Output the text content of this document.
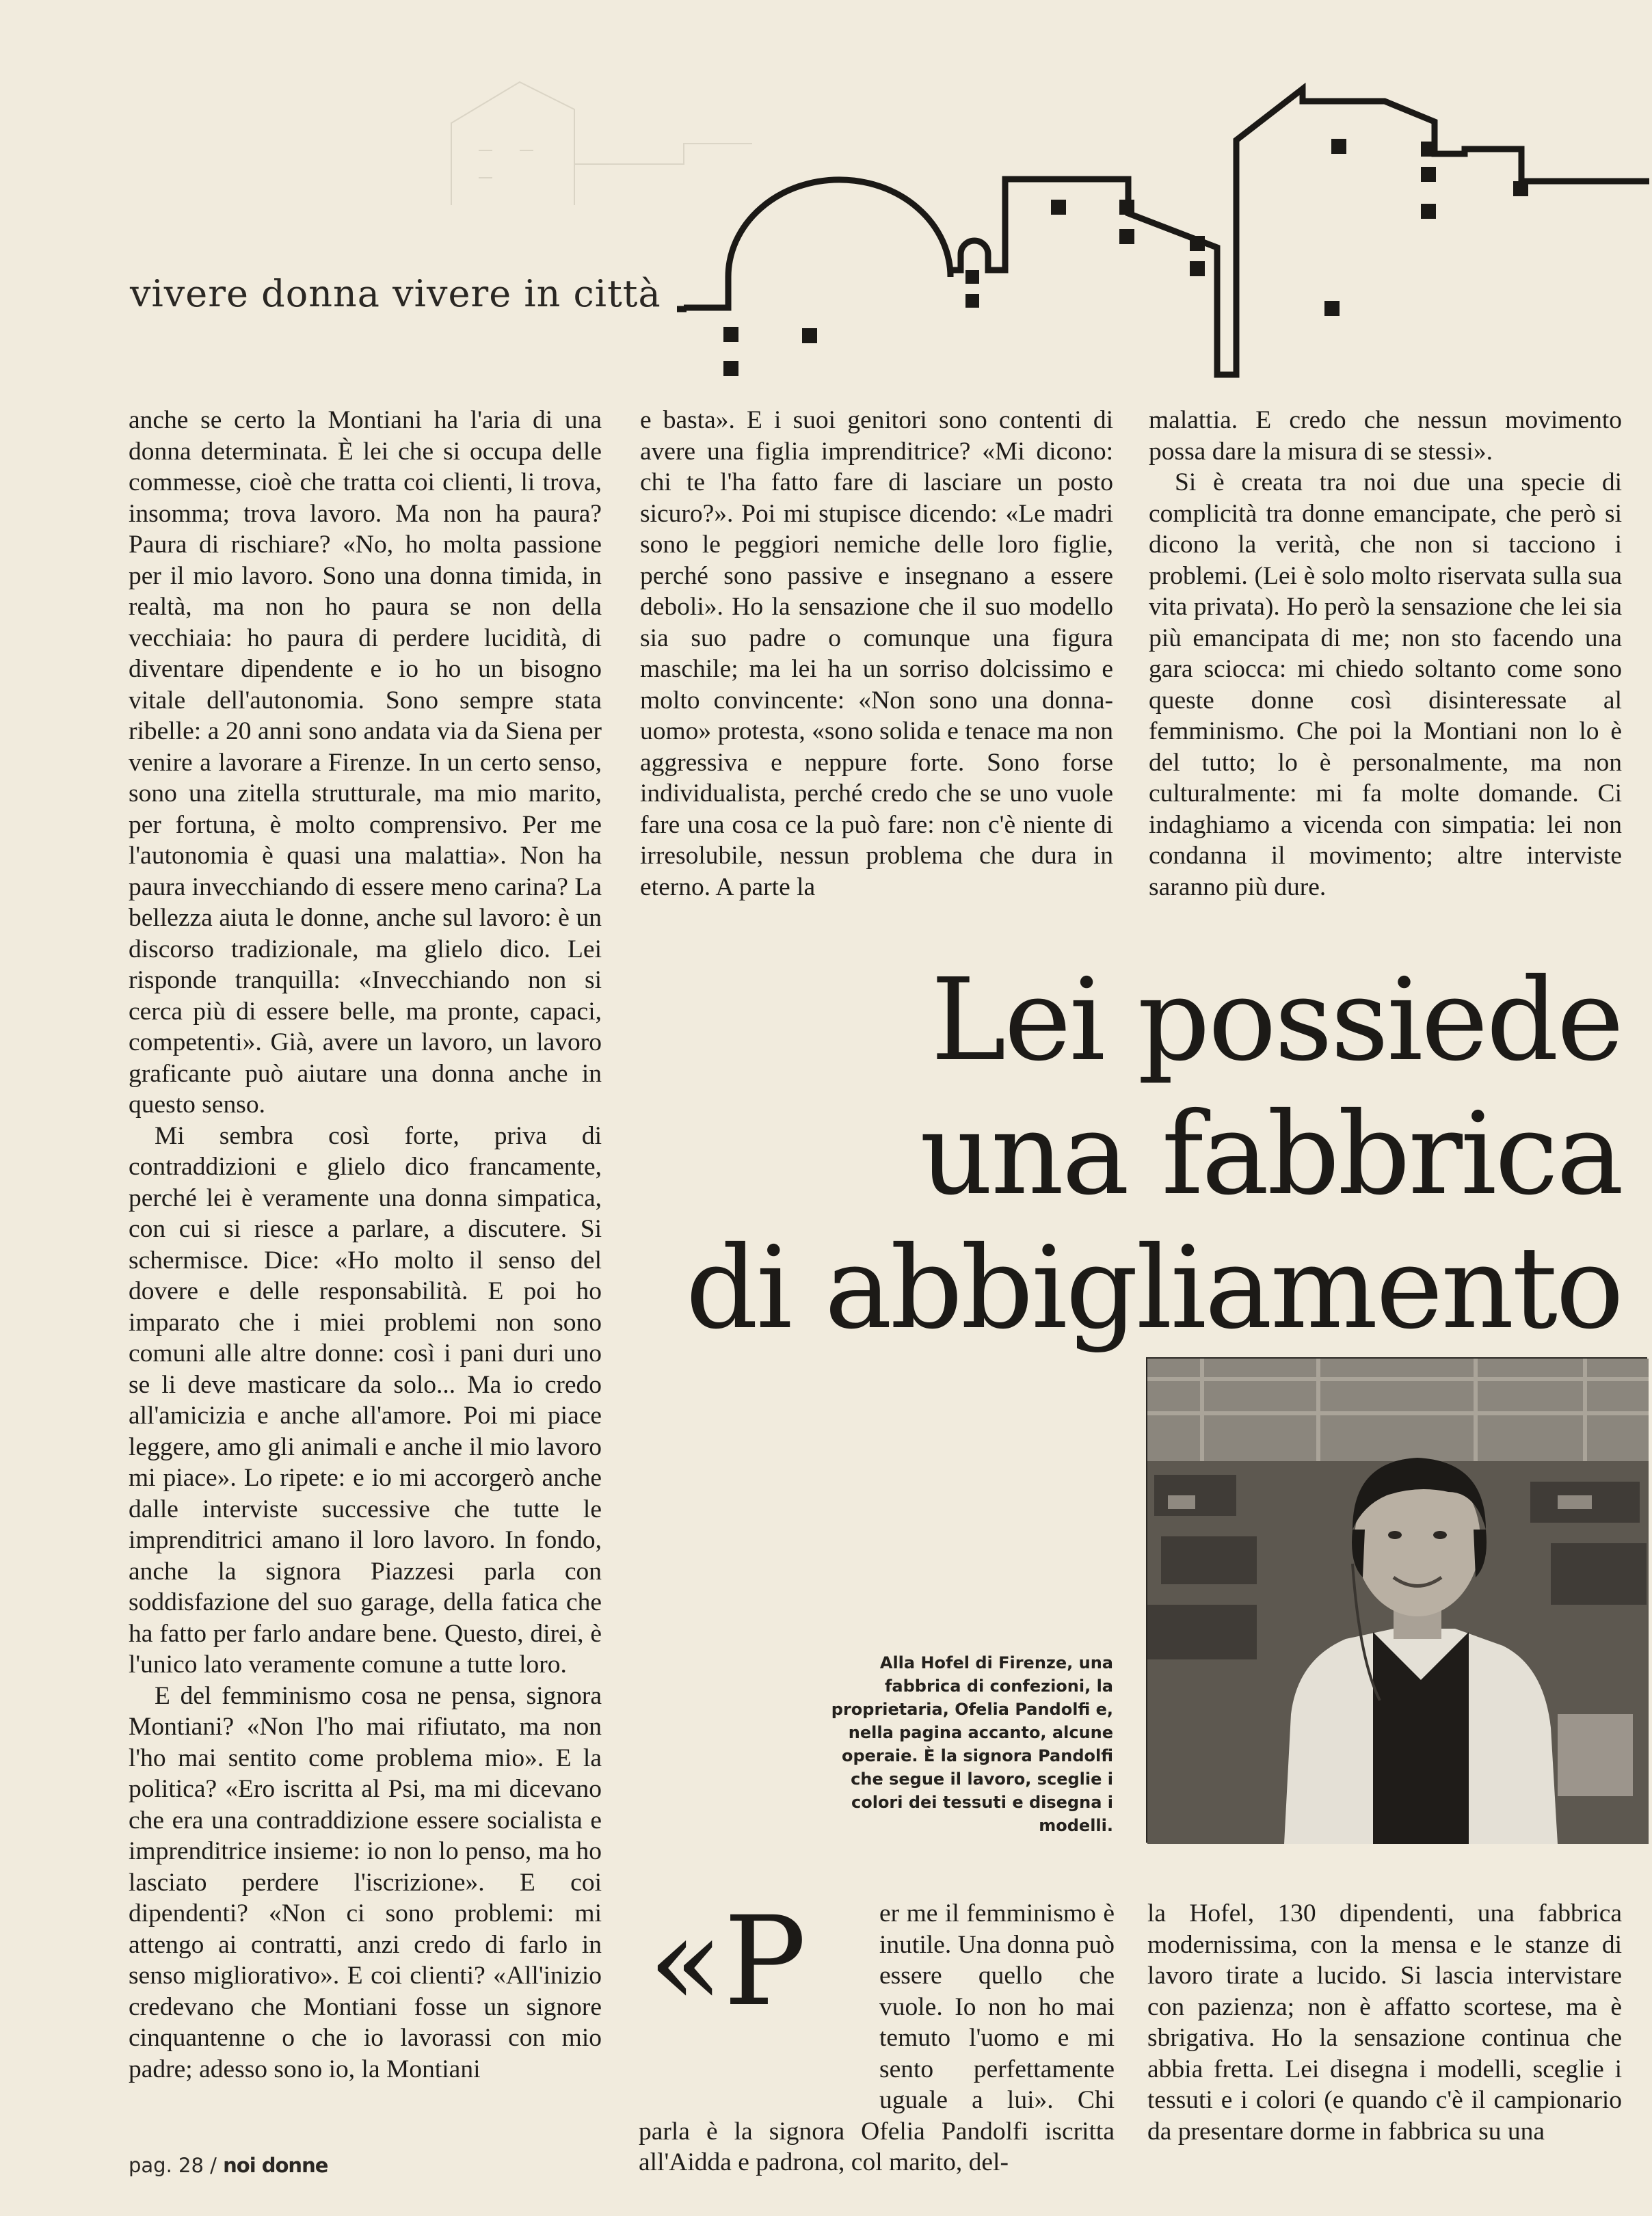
vivere donna vivere in città

anche se certo la Montiani ha l'aria di una donna determinata. È lei che si occupa delle commesse, cioè che tratta coi clienti, li trova, insomma; trova lavoro. Ma non ha paura? Paura di rischiare? «No, ho molta passione per il mio lavoro. Sono una donna timida, in realtà, ma non ho paura se non della vecchiaia: ho paura di perdere lucidità, di diventare dipendente e io ho un bisogno vitale dell'autonomia. Sono sempre stata ribelle: a 20 anni sono andata via da Siena per venire a lavorare a Firenze. In un certo senso, sono una zitella strutturale, ma mio marito, per fortuna, è molto comprensivo. Per me l'autonomia è quasi una malattia». Non ha paura invecchiando di essere meno carina? La bellezza aiuta le donne, anche sul lavoro: è un discorso tradizionale, ma glielo dico. Lei risponde tranquilla: «Invecchiando non si cerca più di essere belle, ma pronte, capaci, competenti». Già, avere un lavoro, un lavoro graficante può aiutare una donna anche in questo senso.

Mi sembra così forte, priva di contraddizioni e glielo dico francamente, perché lei è veramente una donna simpatica, con cui si riesce a parlare, a discutere. Si schermisce. Dice: «Ho molto il senso del dovere e delle responsabilità. E poi ho imparato che i miei problemi non sono comuni alle altre donne: così i pani duri uno se li deve masticare da solo... Ma io credo all'amicizia e anche all'amore. Poi mi piace leggere, amo gli animali e anche il mio lavoro mi piace». Lo ripete: e io mi accorgerò anche dalle interviste successive che tutte le imprenditrici amano il loro lavoro. In fondo, anche la signora Piazzesi parla con soddisfazione del suo garage, della fatica che ha fatto per farlo andare bene. Questo, direi, è l'unico lato veramente comune a tutte loro.

E del femminismo cosa ne pensa, signora Montiani? «Non l'ho mai rifiutato, ma non l'ho mai sentito come problema mio». E la politica? «Ero iscritta al Psi, ma mi dicevano che era una contraddizione essere socialista e imprenditrice insieme: io non lo penso, ma ho lasciato perdere l'iscrizione». E coi dipendenti? «Non ci sono problemi: mi attengo ai contratti, anzi credo di farlo in senso migliorativo». E coi clienti? «All'inizio credevano che Montiani fosse un signore cinquantenne o che io lavorassi con mio padre; adesso sono io, la Montiani

e basta». E i suoi genitori sono contenti di avere una figlia imprenditrice? «Mi dicono: chi te l'ha fatto fare di lasciare un posto sicuro?». Poi mi stupisce dicendo: «Le madri sono le peggiori nemiche delle loro figlie, perché sono passive e insegnano a essere deboli». Ho la sensazione che il suo modello sia suo padre o comunque una figura maschile; ma lei ha un sorriso dolcissimo e molto convincente: «Non sono una donna-uomo» protesta, «sono solida e tenace ma non aggressiva e neppure forte. Sono forse individualista, perché credo che se uno vuole fare una cosa ce la può fare: non c'è niente di irresolubile, nessun problema che dura in eterno. A parte la

malattia. E credo che nessun movimento possa dare la misura di se stessi».

Si è creata tra noi due una specie di complicità tra donne emancipate, che però si dicono la verità, che non si tacciono i problemi. (Lei è solo molto riservata sulla sua vita privata). Ho però la sensazione che lei sia più emancipata di me; non sto facendo una gara sciocca: mi chiedo soltanto come sono queste donne così disinteressate al femminismo. Che poi la Montiani non lo è del tutto; lo è personalmente, ma non culturalmente: mi fa molte domande. Ci indaghiamo a vicenda con simpatia: lei non condanna il movimento; altre interviste saranno più dure.

Lei possiede
una fabbrica
di abbigliamento
Alla Hofel di Firenze, una fabbrica di confezioni, la proprietaria, Ofelia Pandolfi e, nella pagina accanto, alcune operaie. È la signora Pandolfi che segue il lavoro, sceglie i colori dei tessuti e disegna i modelli.
«P	er me il femminismo è inutile. Una donna può essere quello che vuole. Io non ho mai temuto l'uomo e mi sento perfettamente uguale a lui». Chi parla è la signora Ofelia Pandolfi iscritta all'Aidda e padrona, col marito, del-

la Hofel, 130 dipendenti, una fabbrica modernissima, con la mensa e le stanze di lavoro tirate a lucido. Si lascia intervistare con pazienza; non è affatto scortese, ma è sbrigativa. Ho la sensazione continua che abbia fretta. Lei disegna i modelli, sceglie i tessuti e i colori (e quando c'è il campionario da presentare dorme in fabbrica su una

pag. 28 / noi donne
